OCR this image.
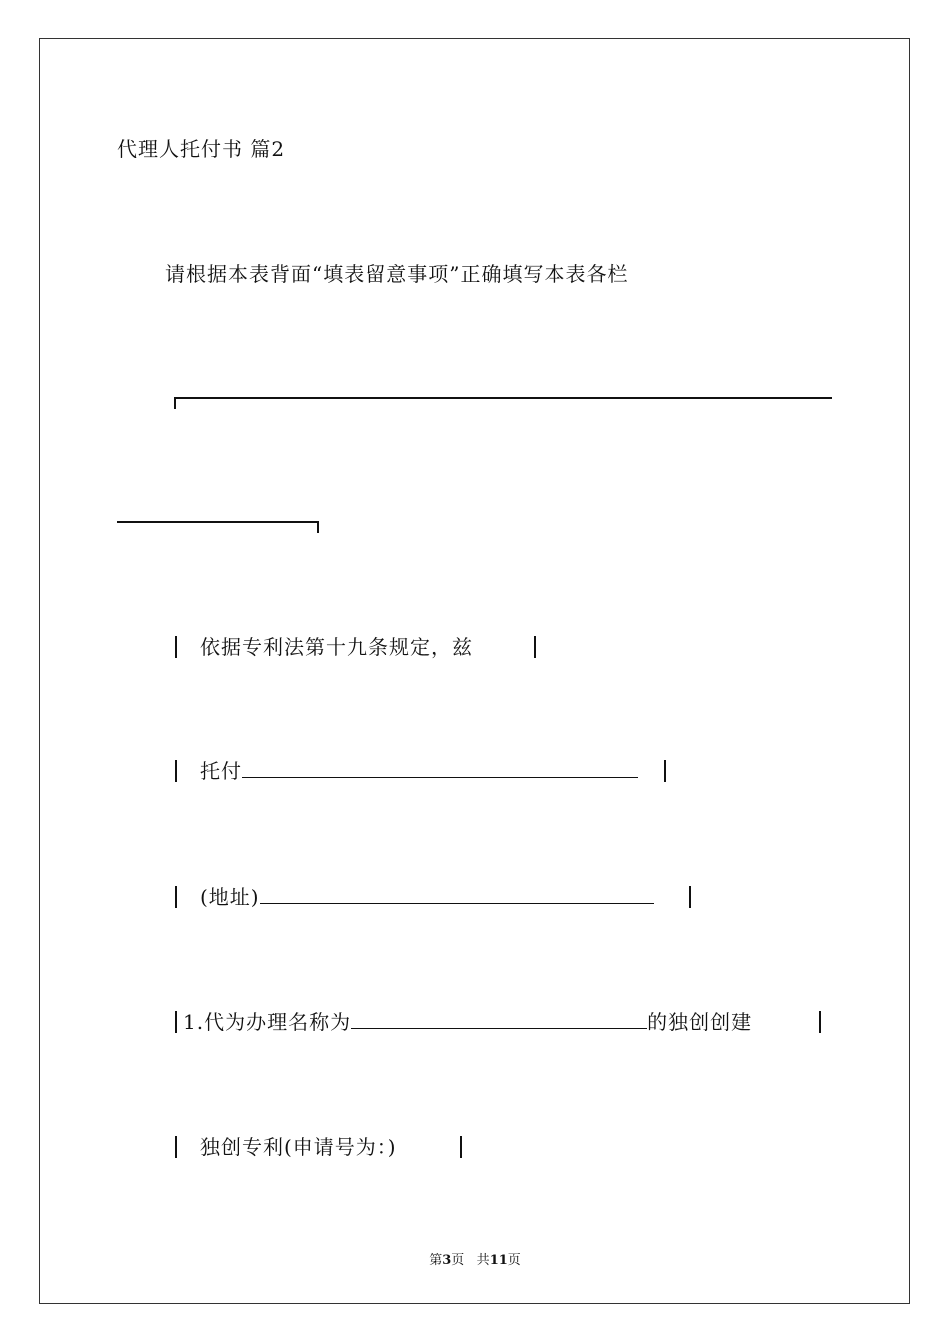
代理人托付书 篇2
请根据本表背面“填表留意事项”正确填写本表各栏
依据专利法第十九条规定，兹
托付
(地址)
1.代为办理名称为	的独创创建
独创专利(申请号为：)
第3页 共11页
